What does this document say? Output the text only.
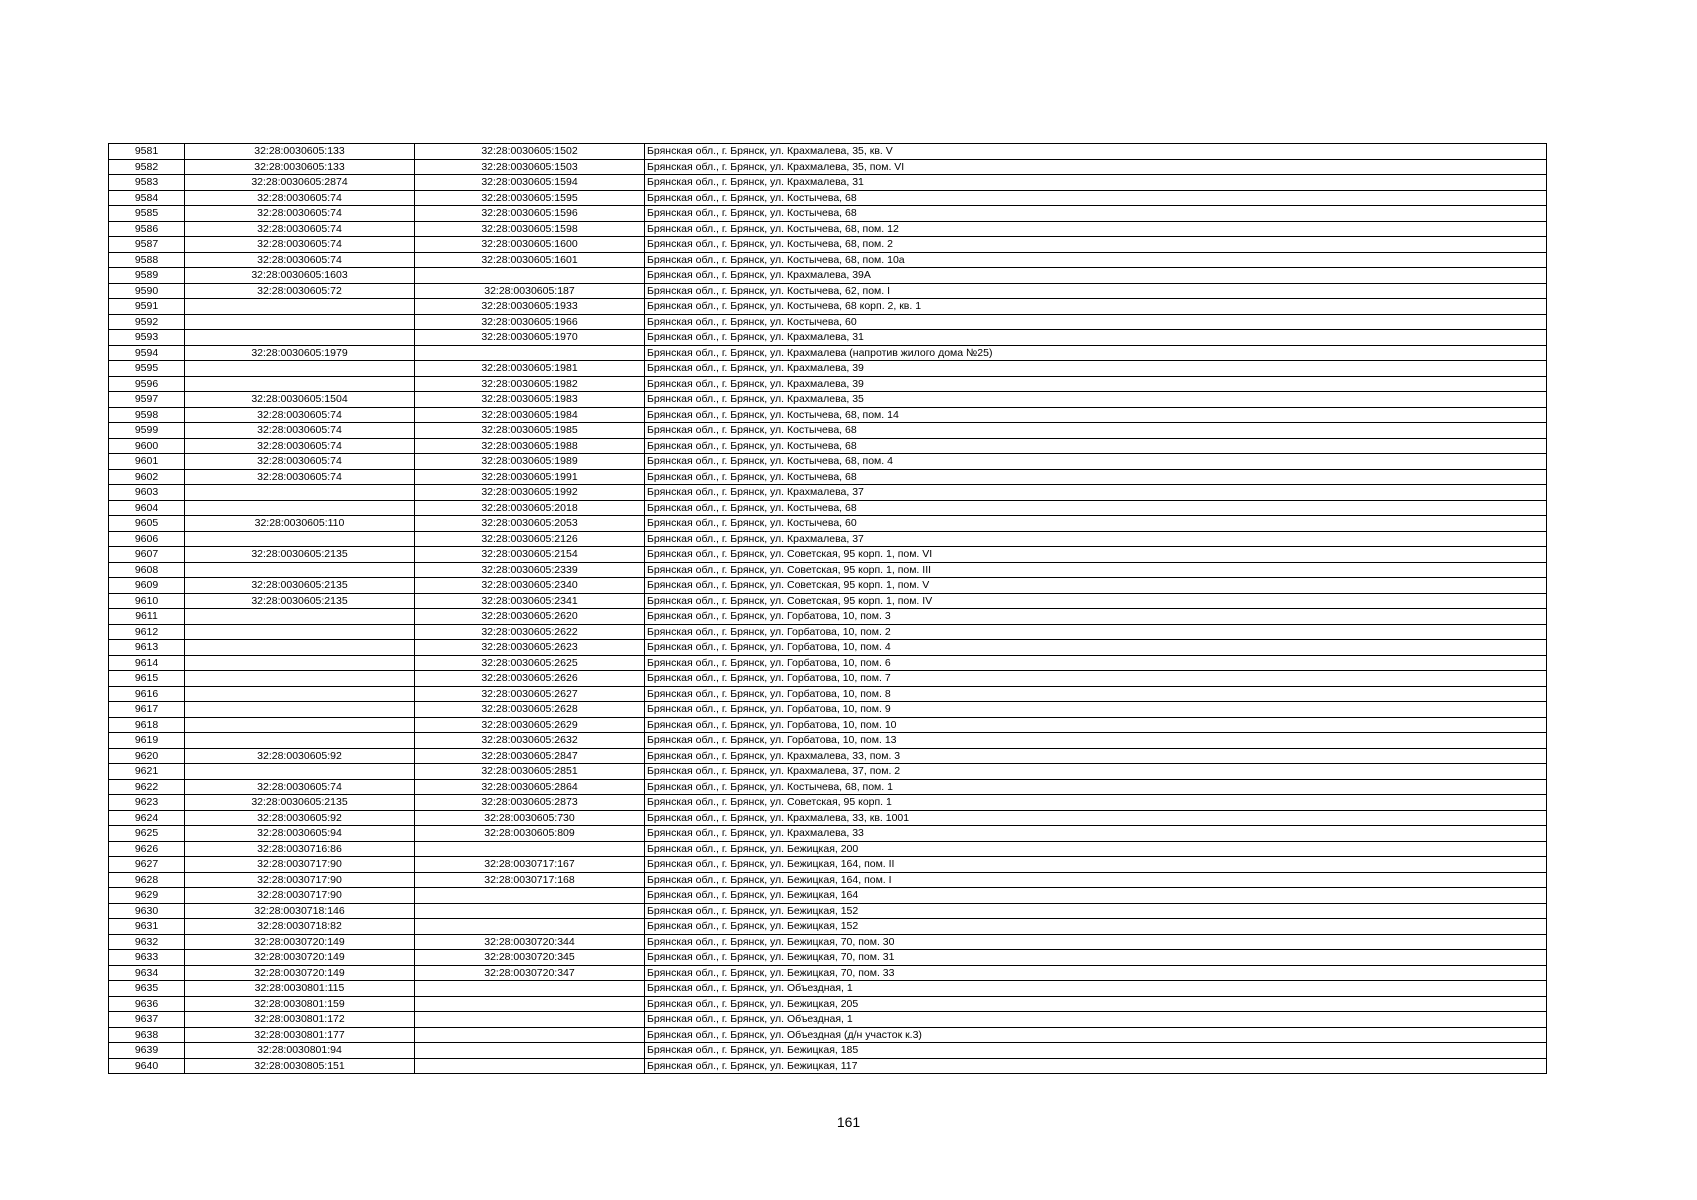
9581	32:28:0030605:133	32:28:0030605:1502	Брянская обл., г. Брянск, ул. Крахмалева, 35, кв. V
9582	32:28:0030605:133	32:28:0030605:1503	Брянская обл., г. Брянск, ул. Крахмалева, 35, пом. VI
9583	32:28:0030605:2874	32:28:0030605:1594	Брянская обл., г. Брянск, ул. Крахмалева, 31
9584	32:28:0030605:74	32:28:0030605:1595	Брянская обл., г. Брянск, ул. Костычева, 68
9585	32:28:0030605:74	32:28:0030605:1596	Брянская обл., г. Брянск, ул. Костычева, 68
9586	32:28:0030605:74	32:28:0030605:1598	Брянская обл., г. Брянск, ул. Костычева, 68, пом. 12
9587	32:28:0030605:74	32:28:0030605:1600	Брянская обл., г. Брянск, ул. Костычева, 68, пом. 2
9588	32:28:0030605:74	32:28:0030605:1601	Брянская обл., г. Брянск, ул. Костычева, 68, пом. 10а
9589	32:28:0030605:1603		Брянская обл., г. Брянск, ул. Крахмалева, 39А
9590	32:28:0030605:72	32:28:0030605:187	Брянская обл., г. Брянск, ул. Костычева, 62, пом. I
9591		32:28:0030605:1933	Брянская обл., г. Брянск, ул. Костычева, 68 корп. 2, кв. 1
9592		32:28:0030605:1966	Брянская обл., г. Брянск, ул. Костычева, 60
9593		32:28:0030605:1970	Брянская обл., г. Брянск, ул. Крахмалева, 31
9594	32:28:0030605:1979		Брянская обл., г. Брянск, ул. Крахмалева (напротив жилого дома №25)
9595		32:28:0030605:1981	Брянская обл., г. Брянск, ул. Крахмалева, 39
9596		32:28:0030605:1982	Брянская обл., г. Брянск, ул. Крахмалева, 39
9597	32:28:0030605:1504	32:28:0030605:1983	Брянская обл., г. Брянск, ул. Крахмалева, 35
9598	32:28:0030605:74	32:28:0030605:1984	Брянская обл., г. Брянск, ул. Костычева, 68, пом. 14
9599	32:28:0030605:74	32:28:0030605:1985	Брянская обл., г. Брянск, ул. Костычева, 68
9600	32:28:0030605:74	32:28:0030605:1988	Брянская обл., г. Брянск, ул. Костычева, 68
9601	32:28:0030605:74	32:28:0030605:1989	Брянская обл., г. Брянск, ул. Костычева, 68, пом. 4
9602	32:28:0030605:74	32:28:0030605:1991	Брянская обл., г. Брянск, ул. Костычева, 68
9603		32:28:0030605:1992	Брянская обл., г. Брянск, ул. Крахмалева, 37
9604		32:28:0030605:2018	Брянская обл., г. Брянск, ул. Костычева, 68
9605	32:28:0030605:110	32:28:0030605:2053	Брянская обл., г. Брянск, ул. Костычева, 60
9606		32:28:0030605:2126	Брянская обл., г. Брянск, ул. Крахмалева, 37
9607	32:28:0030605:2135	32:28:0030605:2154	Брянская обл., г. Брянск, ул. Советская, 95 корп. 1, пом. VI
9608		32:28:0030605:2339	Брянская обл., г. Брянск, ул. Советская, 95 корп. 1, пом. III
9609	32:28:0030605:2135	32:28:0030605:2340	Брянская обл., г. Брянск, ул. Советская, 95 корп. 1, пом. V
9610	32:28:0030605:2135	32:28:0030605:2341	Брянская обл., г. Брянск, ул. Советская, 95 корп. 1, пом. IV
9611		32:28:0030605:2620	Брянская обл., г. Брянск, ул. Горбатова, 10, пом. 3
9612		32:28:0030605:2622	Брянская обл., г. Брянск, ул. Горбатова, 10, пом. 2
9613		32:28:0030605:2623	Брянская обл., г. Брянск, ул. Горбатова, 10, пом. 4
9614		32:28:0030605:2625	Брянская обл., г. Брянск, ул. Горбатова, 10, пом. 6
9615		32:28:0030605:2626	Брянская обл., г. Брянск, ул. Горбатова, 10, пом. 7
9616		32:28:0030605:2627	Брянская обл., г. Брянск, ул. Горбатова, 10, пом. 8
9617		32:28:0030605:2628	Брянская обл., г. Брянск, ул. Горбатова, 10, пом. 9
9618		32:28:0030605:2629	Брянская обл., г. Брянск, ул. Горбатова, 10, пом. 10
9619		32:28:0030605:2632	Брянская обл., г. Брянск, ул. Горбатова, 10, пом. 13
9620	32:28:0030605:92	32:28:0030605:2847	Брянская обл., г. Брянск, ул. Крахмалева, 33, пом. 3
9621		32:28:0030605:2851	Брянская обл., г. Брянск, ул. Крахмалева, 37, пом. 2
9622	32:28:0030605:74	32:28:0030605:2864	Брянская обл., г. Брянск, ул. Костычева, 68, пом. 1
9623	32:28:0030605:2135	32:28:0030605:2873	Брянская обл., г. Брянск, ул. Советская, 95 корп. 1
9624	32:28:0030605:92	32:28:0030605:730	Брянская обл., г. Брянск, ул. Крахмалева, 33, кв. 1001
9625	32:28:0030605:94	32:28:0030605:809	Брянская обл., г. Брянск, ул. Крахмалева, 33
9626	32:28:0030716:86		Брянская обл., г. Брянск, ул. Бежицкая, 200
9627	32:28:0030717:90	32:28:0030717:167	Брянская обл., г. Брянск, ул. Бежицкая, 164, пом. II
9628	32:28:0030717:90	32:28:0030717:168	Брянская обл., г. Брянск, ул. Бежицкая, 164, пом. I
9629	32:28:0030717:90		Брянская обл., г. Брянск, ул. Бежицкая, 164
9630	32:28:0030718:146		Брянская обл., г. Брянск, ул. Бежицкая, 152
9631	32:28:0030718:82		Брянская обл., г. Брянск, ул. Бежицкая, 152
9632	32:28:0030720:149	32:28:0030720:344	Брянская обл., г. Брянск, ул. Бежицкая, 70, пом. 30
9633	32:28:0030720:149	32:28:0030720:345	Брянская обл., г. Брянск, ул. Бежицкая, 70, пом. 31
9634	32:28:0030720:149	32:28:0030720:347	Брянская обл., г. Брянск, ул. Бежицкая, 70, пом. 33
9635	32:28:0030801:115		Брянская обл., г. Брянск, ул. Объездная, 1
9636	32:28:0030801:159		Брянская обл., г. Брянск, ул. Бежицкая, 205
9637	32:28:0030801:172		Брянская обл., г. Брянск, ул. Объездная, 1
9638	32:28:0030801:177		Брянская обл., г. Брянск, ул. Объездная (д/н участок к.3)
9639	32:28:0030801:94		Брянская обл., г. Брянск, ул. Бежицкая, 185
9640	32:28:0030805:151		Брянская обл., г. Брянск, ул. Бежицкая, 117
161
